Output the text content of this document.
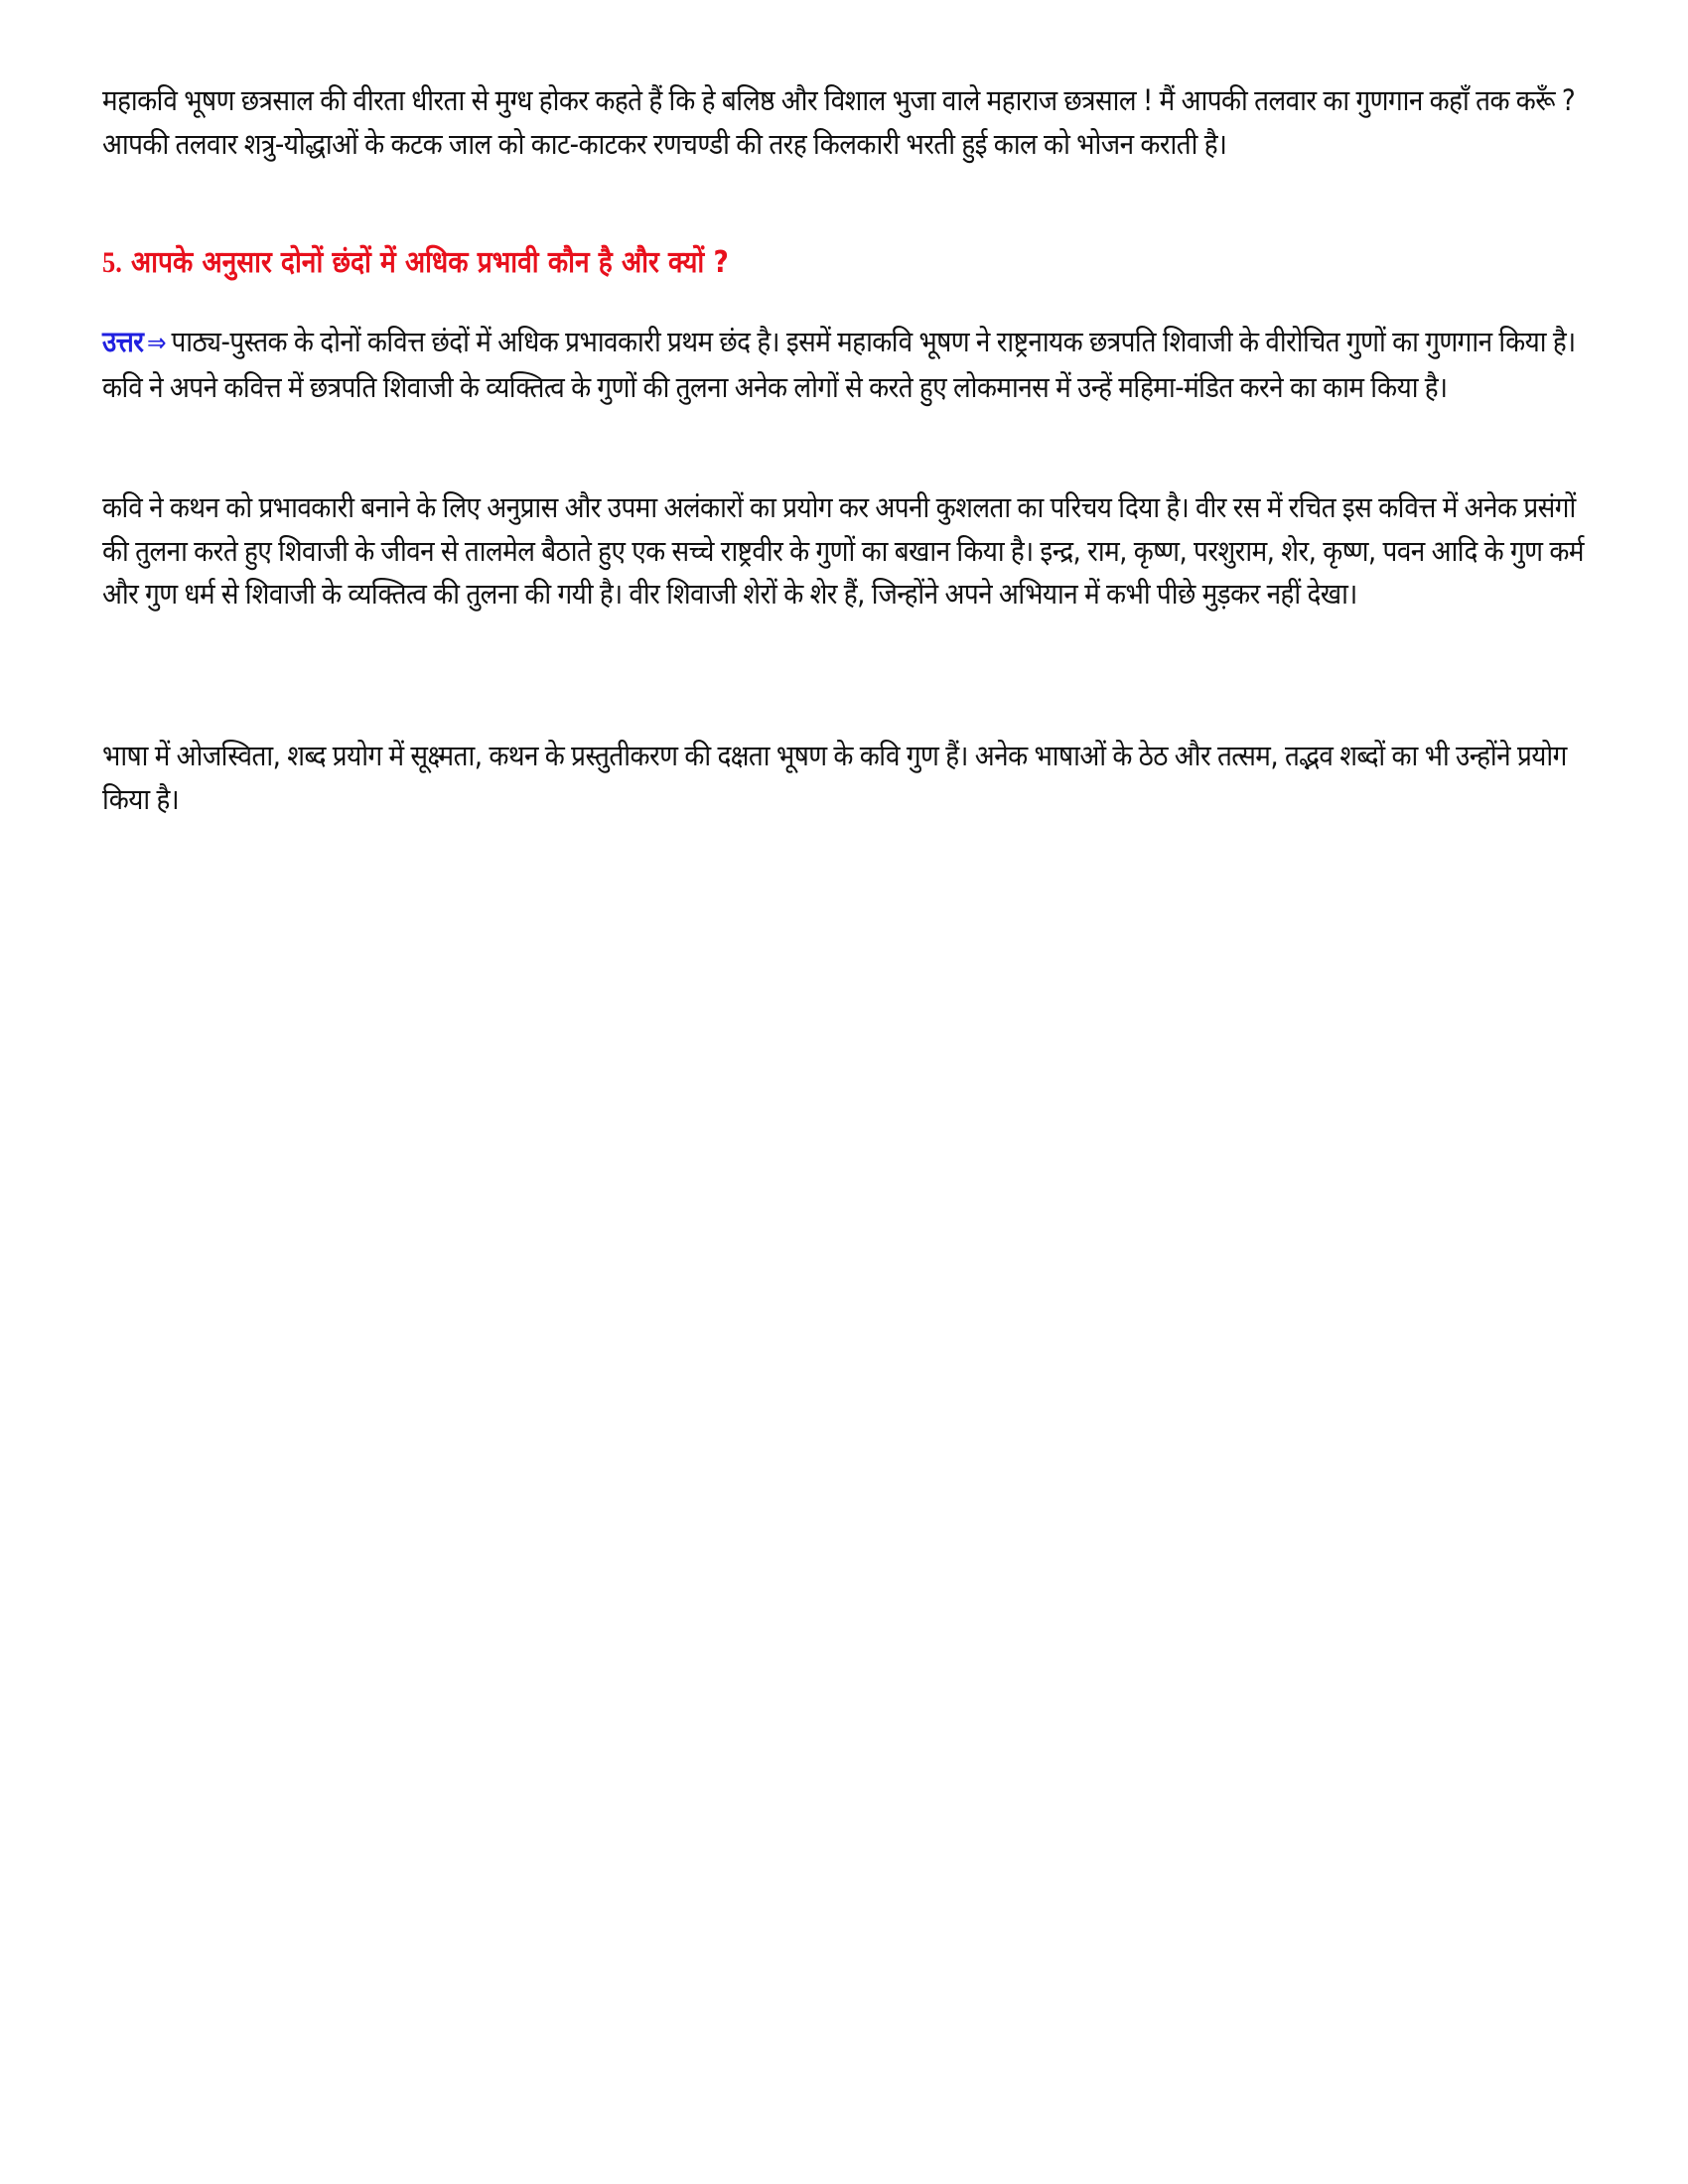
महाकवि भूषण छत्रसाल की वीरता धीरता से मुग्ध होकर कहते हैं कि हे बलिष्ठ और विशाल भुजा वाले महाराज छत्रसाल ! मैं आपकी तलवार का गुणगान कहाँ तक करूँ ? आपकी तलवार शत्रु-योद्धाओं के कटक जाल को काट-काटकर रणचण्डी की तरह किलकारी भरती हुई काल को भोजन कराती है।

5. आपके अनुसार दोनों छंदों में अधिक प्रभावी कौन है और क्यों ?

उत्तर ⇒ पाठ्य-पुस्तक के दोनों कवित्त छंदों में अधिक प्रभावकारी प्रथम छंद है। इसमें महाकवि भूषण ने राष्ट्रनायक छत्रपति शिवाजी के वीरोचित गुणों का गुणगान किया है। कवि ने अपने कवित्त में छत्रपति शिवाजी के व्यक्तित्व के गुणों की तुलना अनेक लोगों से करते हुए लोकमानस में उन्हें महिमा-मंडित करने का काम किया है।

कवि ने कथन को प्रभावकारी बनाने के लिए अनुप्रास और उपमा अलंकारों का प्रयोग कर अपनी कुशलता का परिचय दिया है। वीर रस में रचित इस कवित्त में अनेक प्रसंगों की तुलना करते हुए शिवाजी के जीवन से तालमेल बैठाते हुए एक सच्चे राष्ट्रवीर के गुणों का बखान किया है। इन्द्र, राम, कृष्ण, परशुराम, शेर, कृष्ण, पवन आदि के गुण कर्म और गुण धर्म से शिवाजी के व्यक्तित्व की तुलना की गयी है। वीर शिवाजी शेरों के शेर हैं, जिन्होंने अपने अभियान में कभी पीछे मुड़कर नहीं देखा।

भाषा में ओजस्विता, शब्द प्रयोग में सूक्ष्मता, कथन के प्रस्तुतीकरण की दक्षता भूषण के कवि गुण हैं। अनेक भाषाओं के ठेठ और तत्सम, तद्भव शब्दों का भी उन्होंने प्रयोग किया है।
